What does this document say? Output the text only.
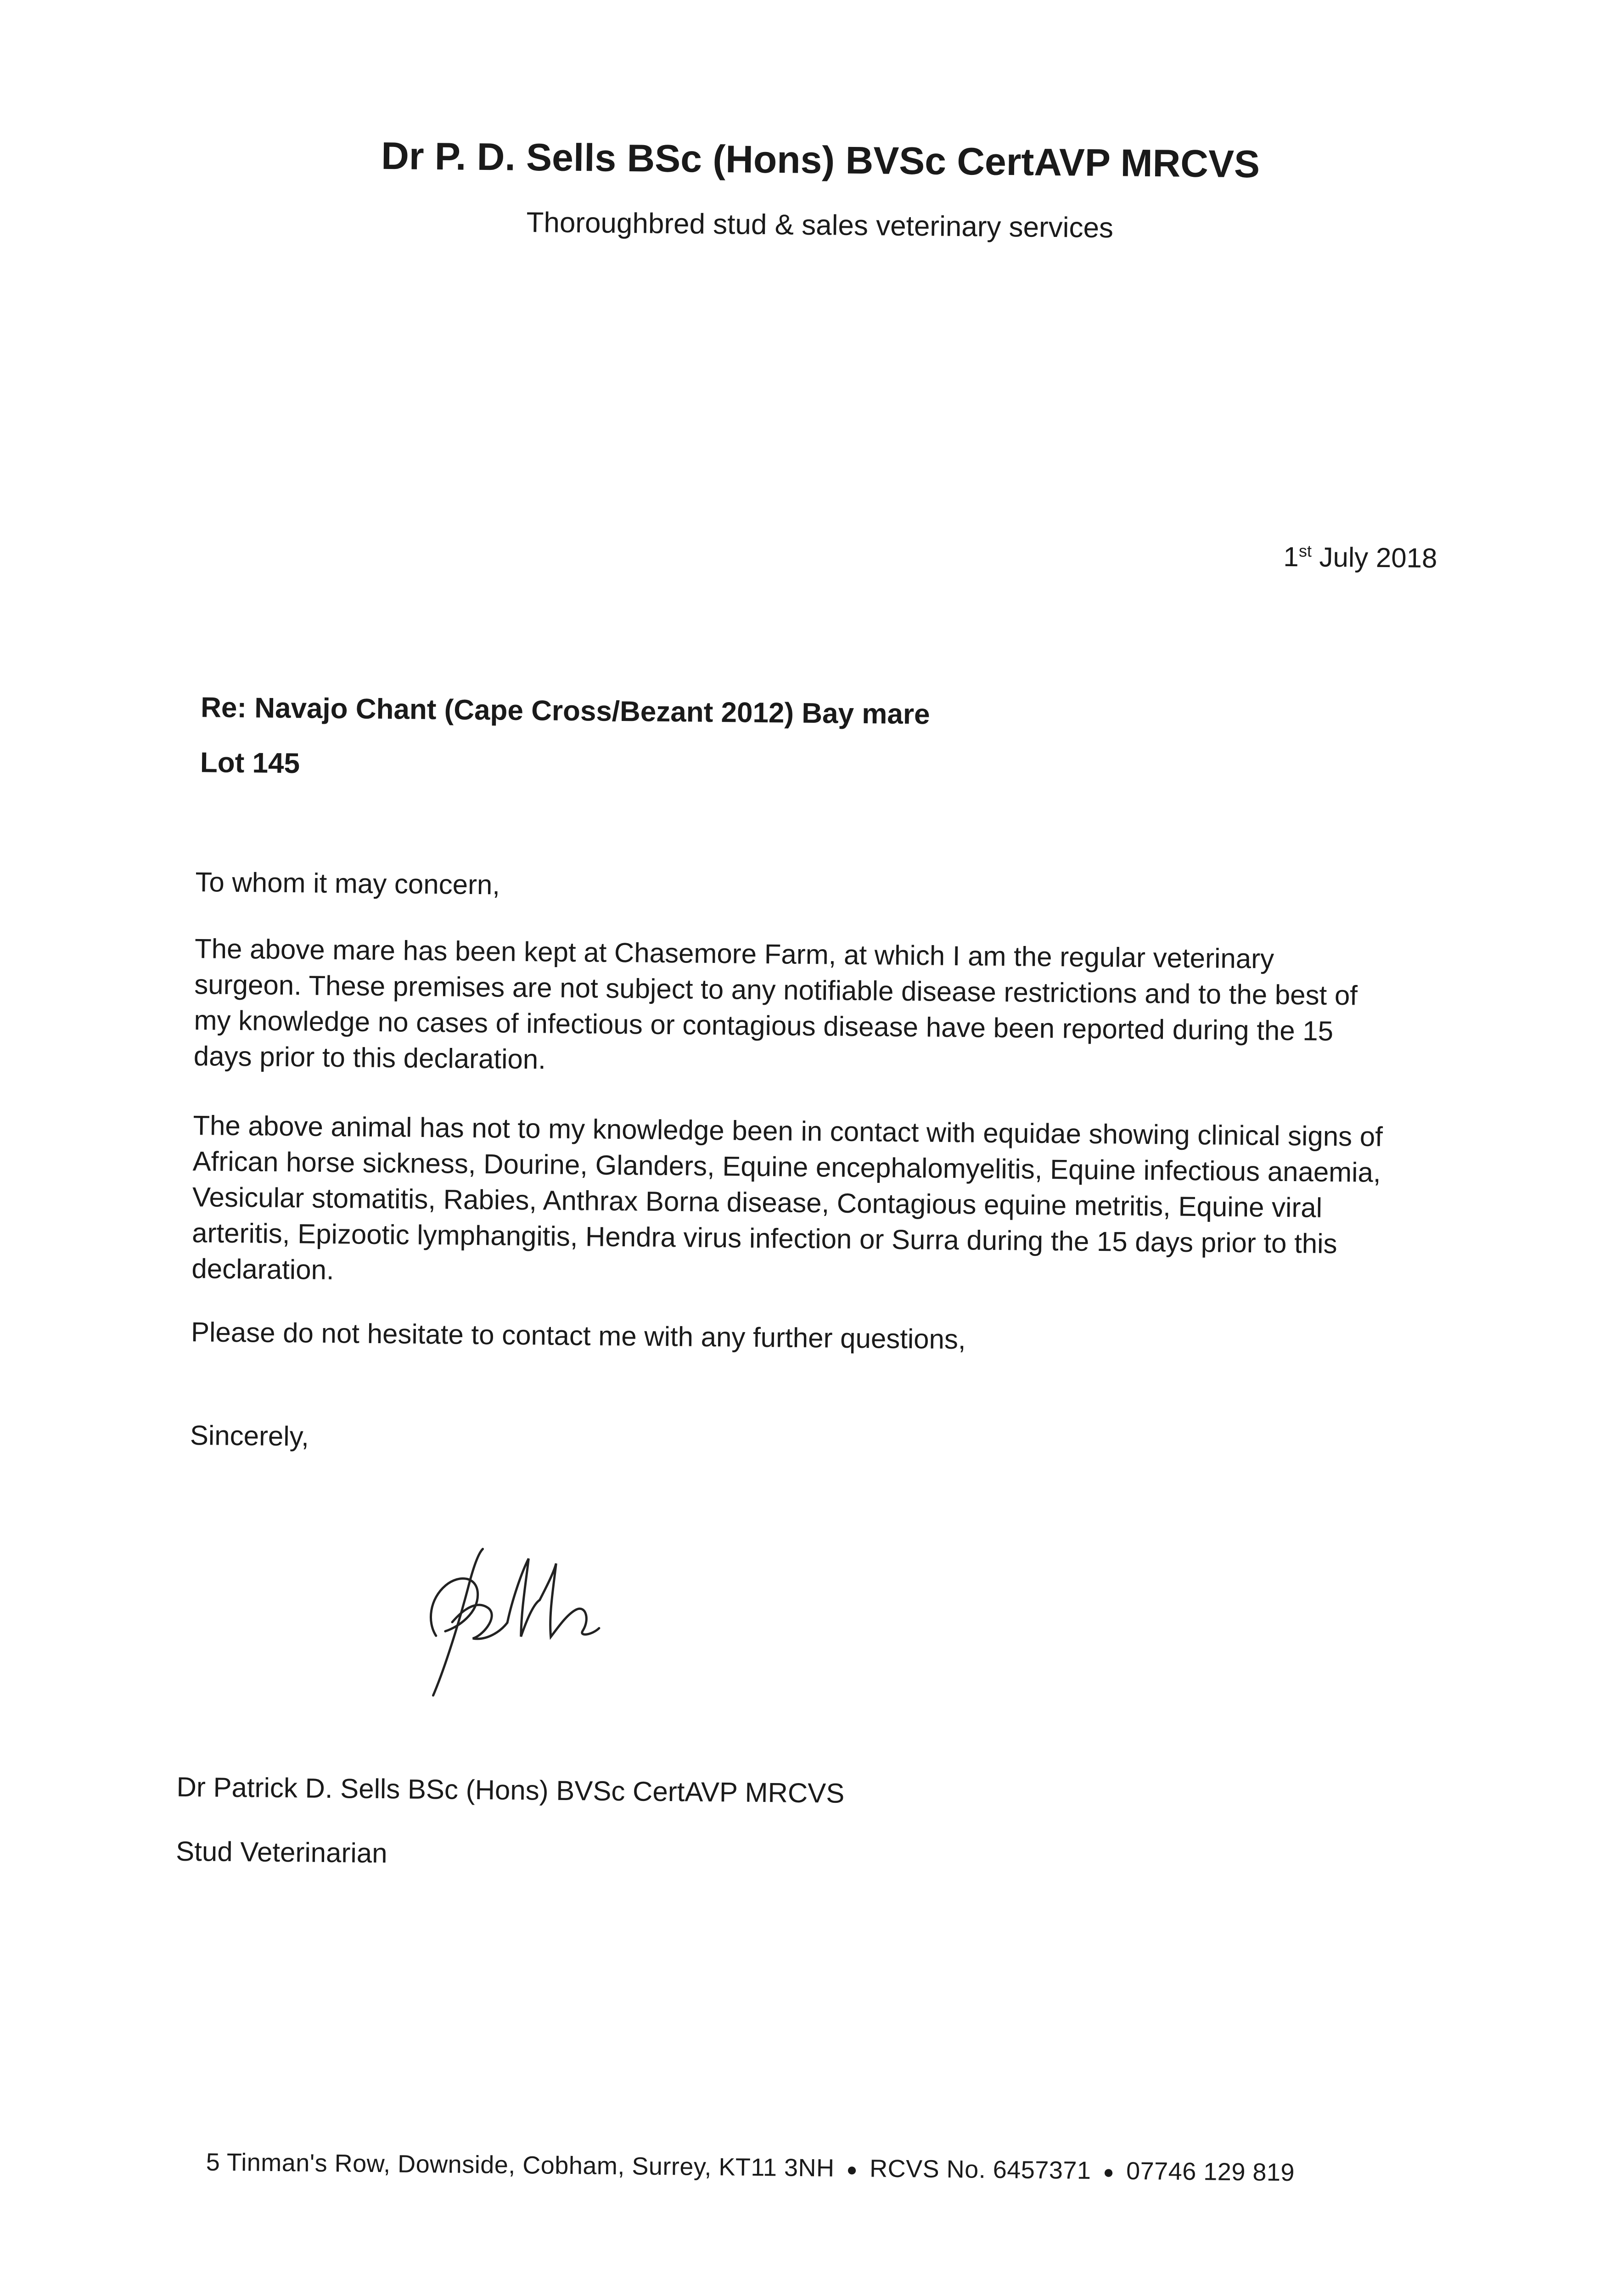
Dr P. D. Sells BSc (Hons) BVSc CertAVP MRCVS
Thoroughbred stud & sales veterinary services
1st July 2018
Re: Navajo Chant (Cape Cross/Bezant 2012) Bay mare
Lot 145
To whom it may concern,
The above mare has been kept at Chasemore Farm, at which I am the regular veterinary surgeon. These premises are not subject to any notifiable disease restrictions and to the best of my knowledge no cases of infectious or contagious disease have been reported during the 15 days prior to this declaration.
The above animal has not to my knowledge been in contact with equidae showing clinical signs of African horse sickness, Dourine, Glanders, Equine encephalomyelitis, Equine infectious anaemia, Vesicular stomatitis, Rabies, Anthrax Borna disease, Contagious equine metritis, Equine viral arteritis, Epizootic lymphangitis, Hendra virus infection or Surra during the 15 days prior to this declaration.
Please do not hesitate to contact me with any further questions,
Sincerely,
Dr Patrick D. Sells BSc (Hons) BVSc CertAVP MRCVS
Stud Veterinarian
5 Tinman's Row, Downside, Cobham, Surrey, KT11 3NH ● RCVS No. 6457371 ● 07746 129 819
